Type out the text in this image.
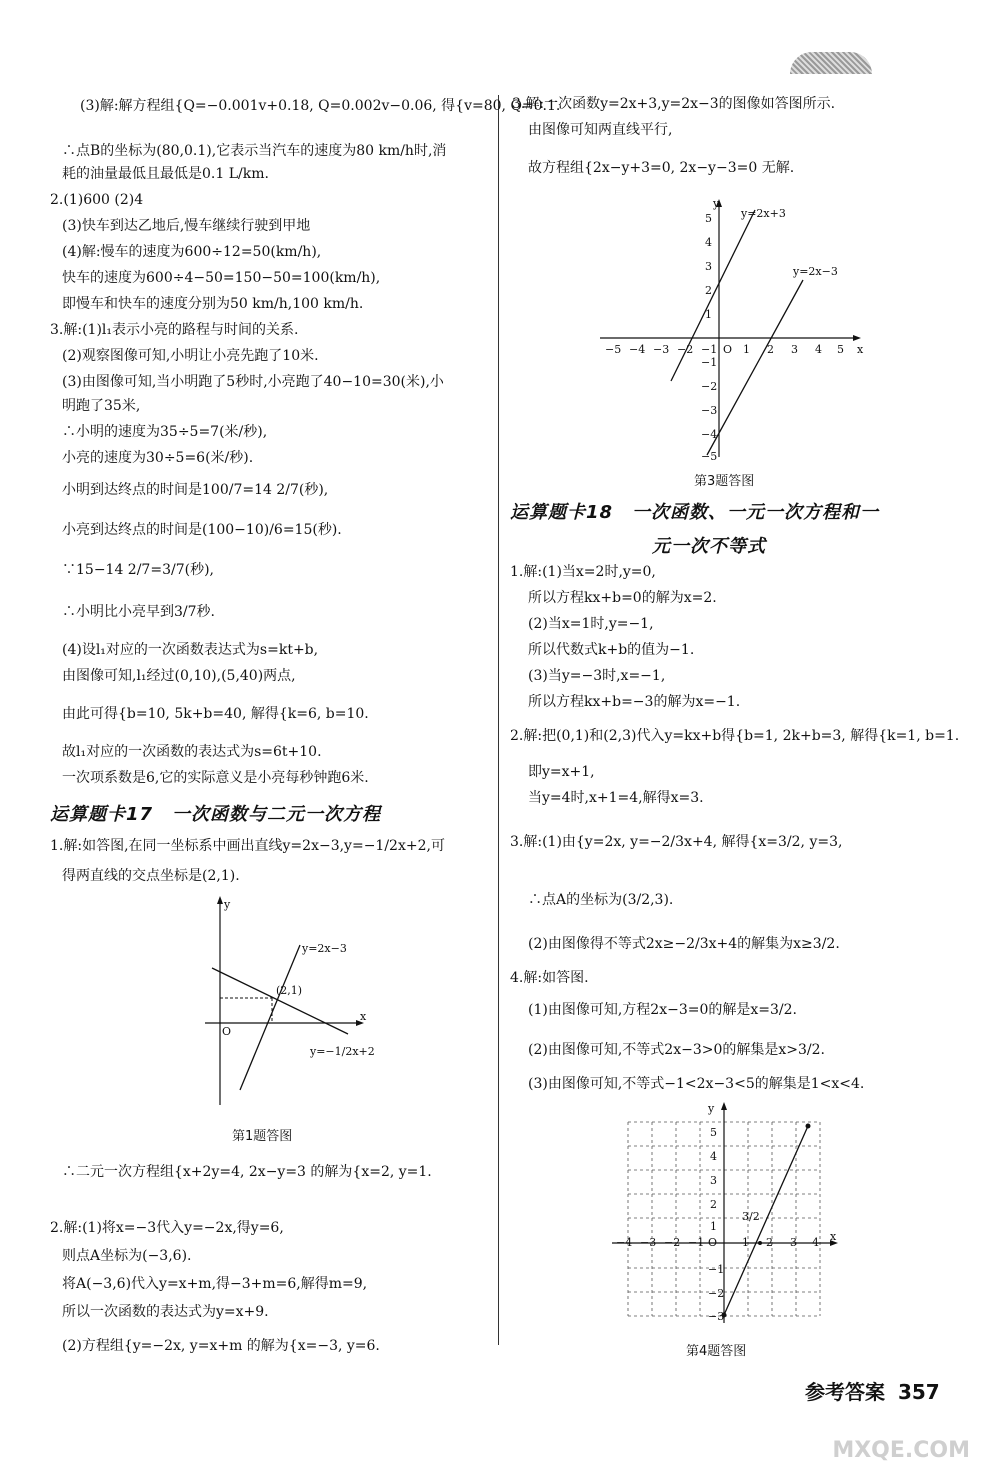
(3)解:解方程组{Q=−0.001v+0.18, Q=0.002v−0.06, 得{v=80, Q=0.1.
∴点B的坐标为(80,0.1),它表示当汽车的速度为80 km/h时,消
耗的油量最低且最低是0.1 L/km.
2.(1)600 (2)4
(3)快车到达乙地后,慢车继续行驶到甲地
(4)解:慢车的速度为600÷12=50(km/h),
快车的速度为600÷4−50=150−50=100(km/h),
即慢车和快车的速度分别为50 km/h,100 km/h.
3.解:(1)l₁表示小亮的路程与时间的关系.
(2)观察图像可知,小明让小亮先跑了10米.
(3)由图像可知,当小明跑了5秒时,小亮跑了40−10=30(米),小
明跑了35米,
∴小明的速度为35÷5=7(米/秒),
小亮的速度为30÷5=6(米/秒).
小明到达终点的时间是100/7=14 2/7(秒),
小亮到达终点的时间是(100−10)/6=15(秒).
∵15−14 2/7=3/7(秒),
∴小明比小亮早到3/7秒.
(4)设l₁对应的一次函数表达式为s=kt+b,
由图像可知,l₁经过(0,10),(5,40)两点,
由此可得{b=10, 5k+b=40, 解得{k=6, b=10.
故l₁对应的一次函数的表达式为s=6t+10.
一次项系数是6,它的实际意义是小亮每秒钟跑6米.
运算题卡17　一次函数与二元一次方程
1.解:如答图,在同一坐标系中画出直线y=2x−3,y=−1/2x+2,可
得两直线的交点坐标是(2,1).
y
x
O
y=2x−3
y=−1/2x+2
(2,1)
第1题答图
∴二元一次方程组{x+2y=4, 2x−y=3 的解为{x=2, y=1.
2.解:(1)将x=−3代入y=−2x,得y=6,
则点A坐标为(−3,6).
将A(−3,6)代入y=x+m,得−3+m=6,解得m=9,
所以一次函数的表达式为y=x+9.
(2)方程组{y=−2x, y=x+m 的解为{x=−3, y=6.
3.解:一次函数y=2x+3,y=2x−3的图像如答图所示.
由图像可知两直线平行,
故方程组{2x−y+3=0, 2x−y−3=0 无解.
−5 −4 −3 −2 −1 1 2 3 4 5
5
4
3
2
1
−1
−2
−3
−4
−5
y
x
O
y=2x+3
y=2x−3
第3题答图
运算题卡18　一次函数、一元一次方程和一
元一次不等式
1.解:(1)当x=2时,y=0,
所以方程kx+b=0的解为x=2.
(2)当x=1时,y=−1,
所以代数式k+b的值为−1.
(3)当y=−3时,x=−1,
所以方程kx+b=−3的解为x=−1.
2.解:把(0,1)和(2,3)代入y=kx+b得{b=1, 2k+b=3, 解得{k=1, b=1.
即y=x+1,
当y=4时,x+1=4,解得x=3.
3.解:(1)由{y=2x, y=−2/3x+4, 解得{x=3/2, y=3,
∴点A的坐标为(3/2,3).
(2)由图像得不等式2x≥−2/3x+4的解集为x≥3/2.
4.解:如答图.
(1)由图像可知,方程2x−3=0的解是x=3/2.
(2)由图像可知,不等式2x−3>0的解集是x>3/2.
(3)由图像可知,不等式−1<2x−3<5的解集是1<x<4.
−4 −3 −2 −1	1 2 3 4
5
4
3
2
1
−1
−2
−3
y
x
O
3/2
第4题答图
参考答案 357
MXQE.COM
